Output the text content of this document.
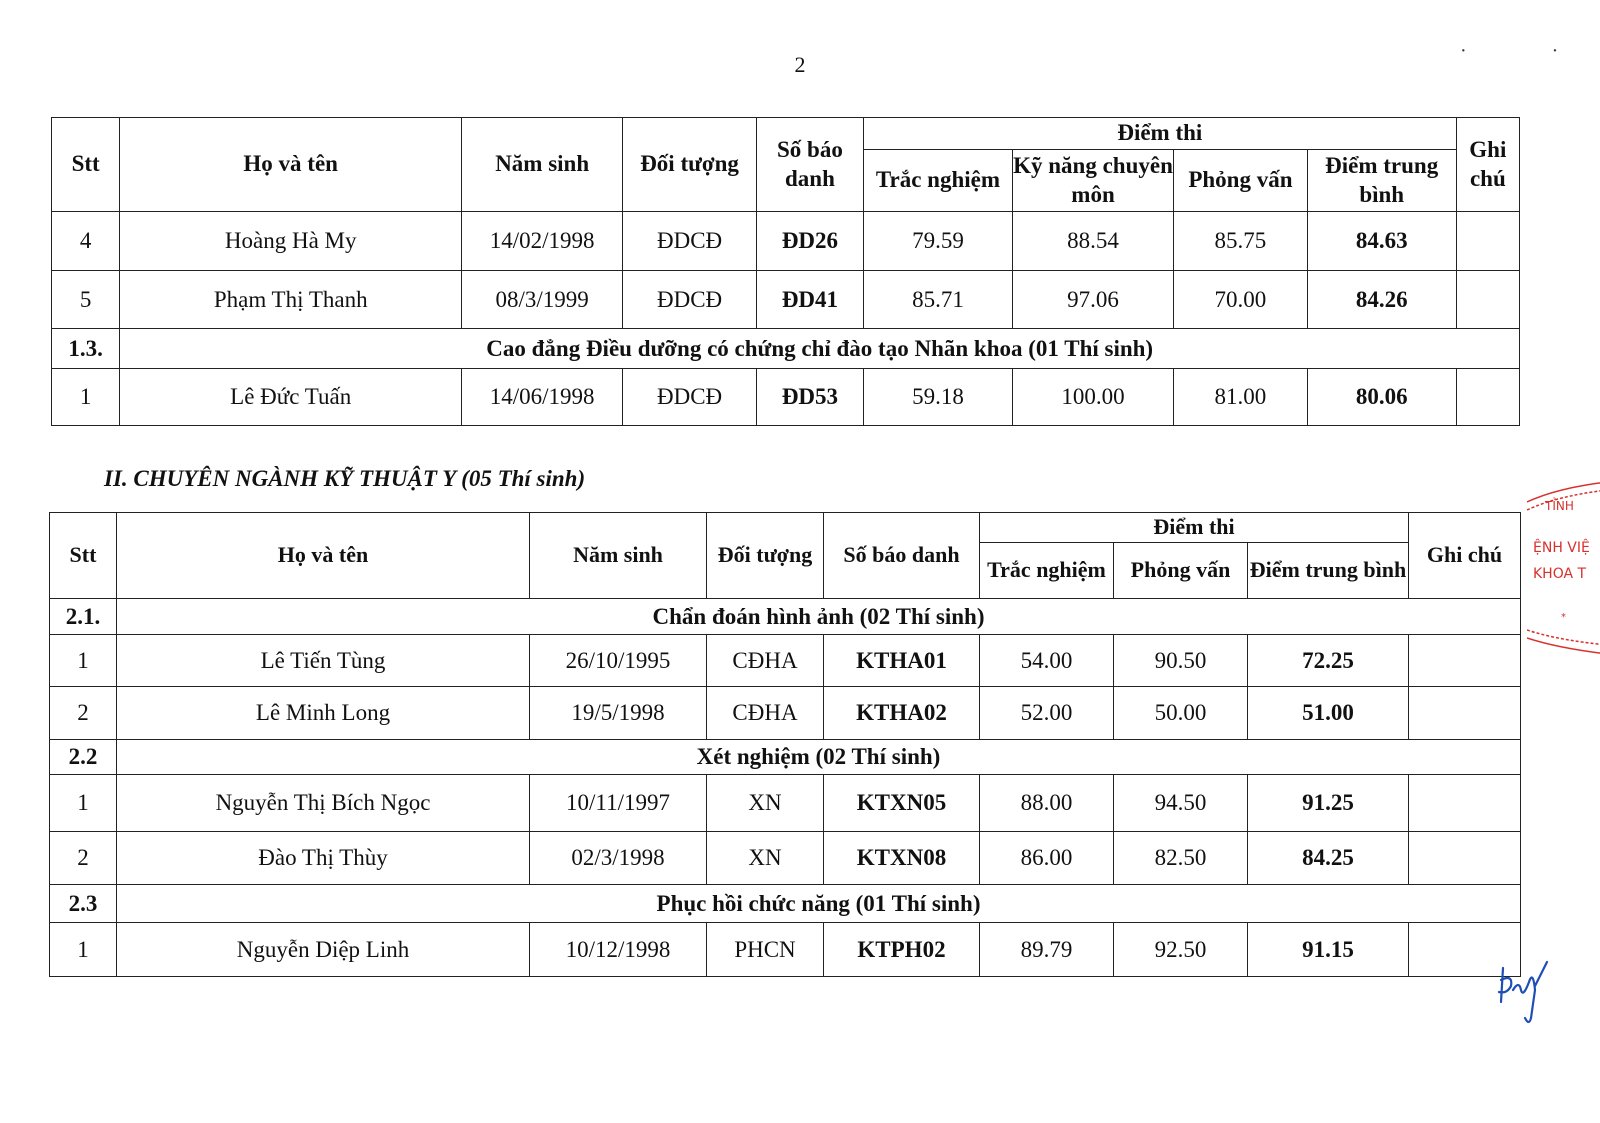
2
· ·
Stt	Họ và tên	Năm sinh	Đối tượng	Số báo danh	Điểm thi				Ghi chú
					Trắc nghiệm	Kỹ năng chuyên môn	Phỏng vấn	Điểm trung bình	
4	Hoàng Hà My	14/02/1998	ĐDCĐ	ĐD26	79.59	88.54	85.75	84.63	
5	Phạm Thị Thanh	08/3/1999	ĐDCĐ	ĐD41	85.71	97.06	70.00	84.26	
1.3.	Cao đẳng Điều dưỡng có chứng chỉ đào tạo Nhãn khoa (01 Thí sinh)								
1	Lê Đức Tuấn	14/06/1998	ĐDCĐ	ĐD53	59.18	100.00	81.00	80.06	
II. CHUYÊN NGÀNH KỸ THUẬT Y (05 Thí sinh)
Stt	Họ và tên	Năm sinh	Đối tượng	Số báo danh	Điểm thi			Ghi chú
					Trắc nghiệm	Phỏng vấn	Điểm trung bình	
2.1.	Chẩn đoán hình ảnh (02 Thí sinh)							
1	Lê Tiến Tùng	26/10/1995	CĐHA	KTHA01	54.00	90.50	72.25	
2	Lê Minh Long	19/5/1998	CĐHA	KTHA02	52.00	50.00	51.00	
2.2	Xét nghiệm (02 Thí sinh)							
1	Nguyễn Thị Bích Ngọc	10/11/1997	XN	KTXN05	88.00	94.50	91.25	
2	Đào Thị Thùy	02/3/1998	XN	KTXN08	86.00	82.50	84.25	
2.3	Phục hồi chức năng (01 Thí sinh)							
1	Nguyễn Diệp Linh	10/12/1998	PHCN	KTPH02	89.79	92.50	91.15	
TỈNH
ỆNH VIỆ
KHOA T
*
